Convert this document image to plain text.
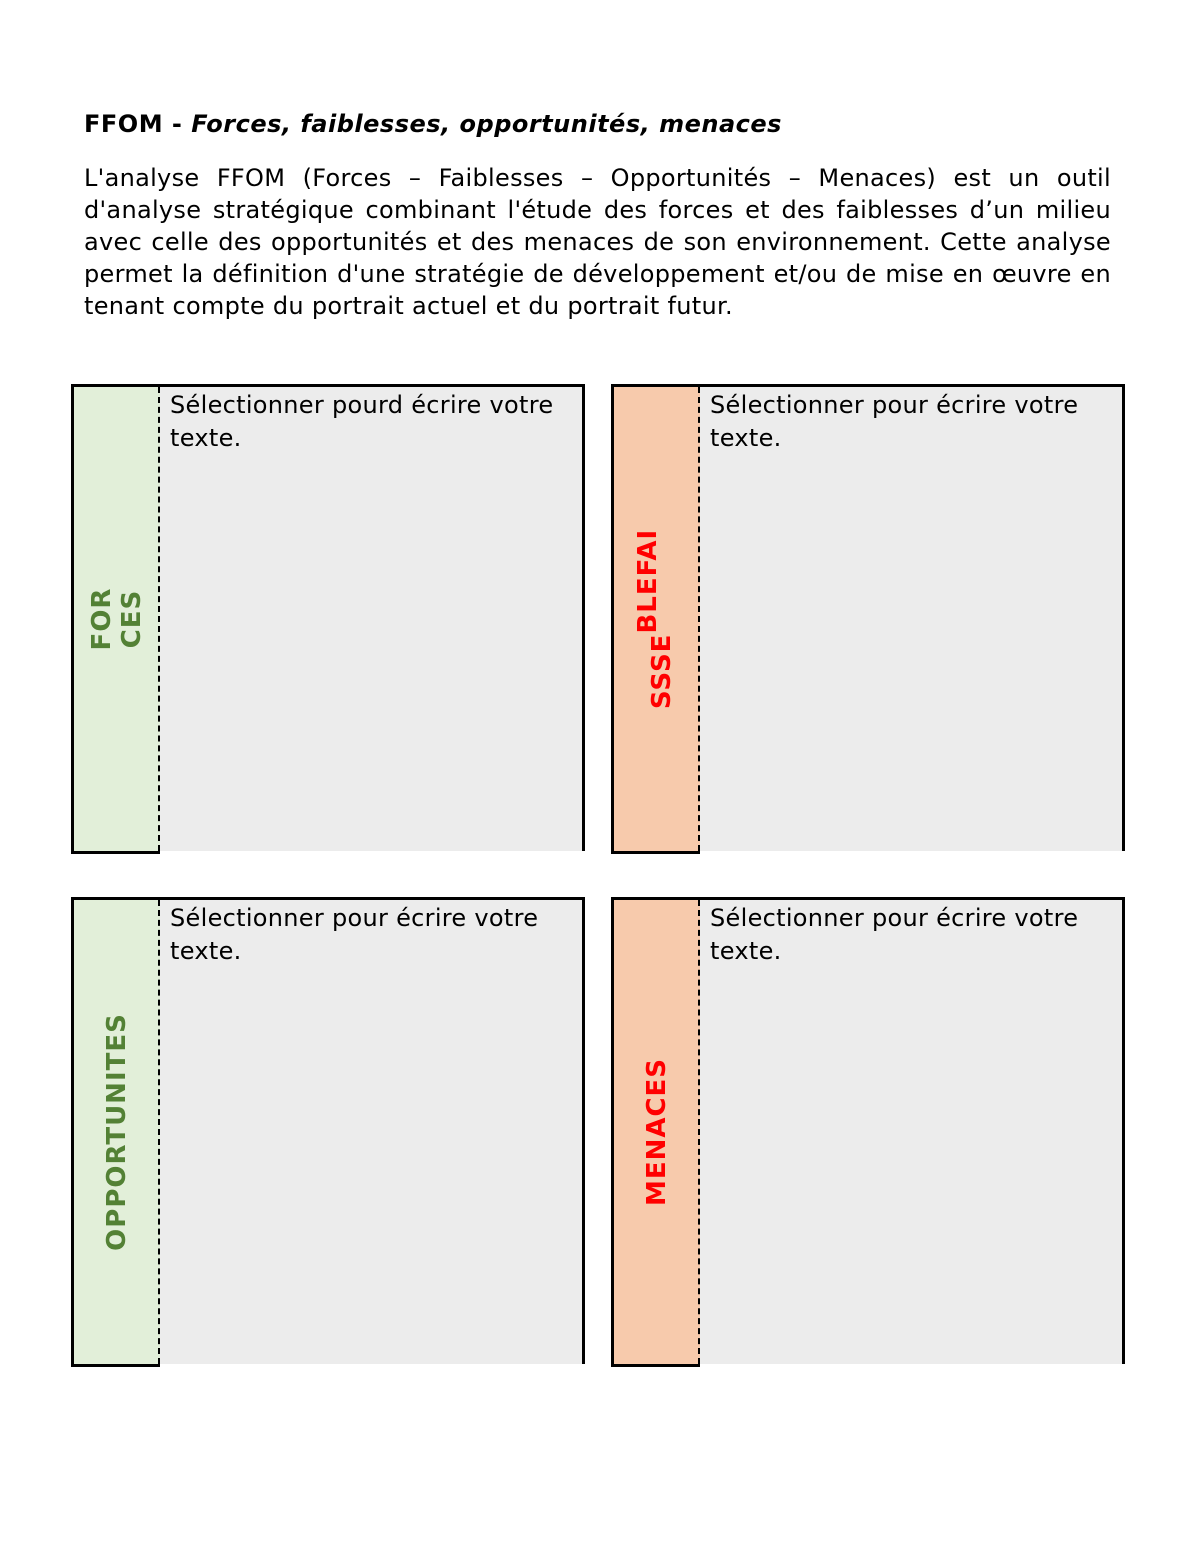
FFOM - Forces, faiblesses, opportunités, menaces
L'analyse FFOM (Forces – Faiblesses – Opportunités – Menaces) est un outil d'analyse stratégique combinant l'étude des forces et des faiblesses d’un milieu avec celle des opportunités et des menaces de son environnement. Cette analyse permet la définition d'une stratégie de développement et/ou de mise en œuvre en tenant compte du portrait actuel et du portrait futur.
FOR CES
Sélectionner pourd écrire votre texte.
$SSSE^{BLEFAI}$
Sélectionner pour écrire votre texte.
OPPORTUNITES
Sélectionner pour écrire votre texte.
MENACES
Sélectionner pour écrire votre texte.
